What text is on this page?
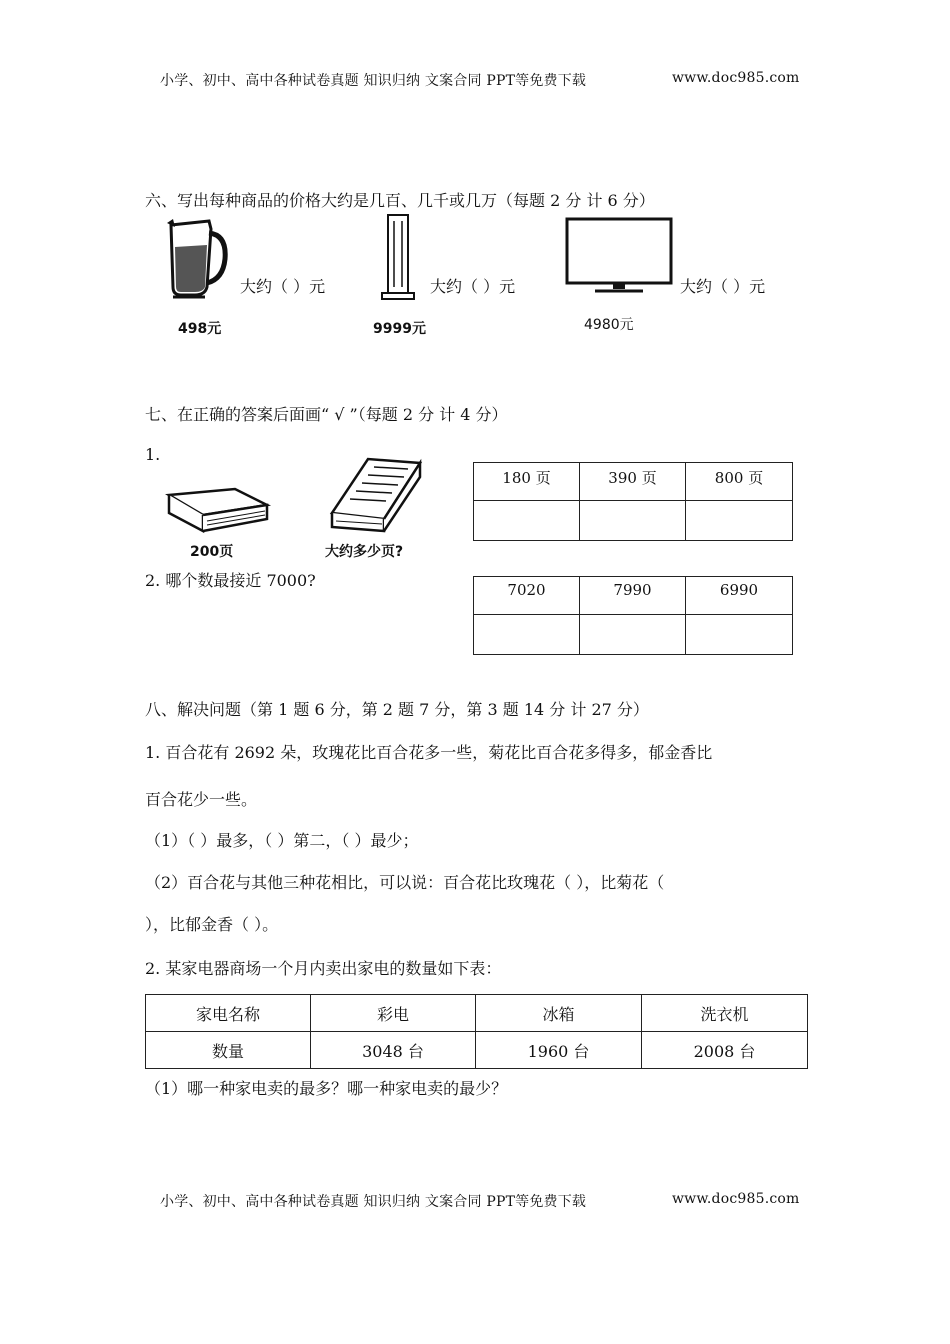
小学、初中、高中各种试卷真题 知识归纳 文案合同 PPT等免费下载	www.doc985.com
六、写出每种商品的价格大约是几百、几千或几万（每题 2 分 计 6 分）
498元
大约（ ）元
9999元
大约（ ）元
4980元
大约（ ）元
七、在正确的答案后面画“ √ ”（每题 2 分 计 4 分）
1.
200页	大约多少页?
180 页	390 页	800 页

2. 哪个数最接近 7000?	7020	7990	6990

八、解决问题（第 1 题 6 分，第 2 题 7 分，第 3 题 14 分 计 27 分）
1. 百合花有 2692 朵，玫瑰花比百合花多一些，菊花比百合花多得多，郁金香比
百合花少一些。
（1）（ ）最多，（ ）第二，（ ）最少；
（2）百合花与其他三种花相比，可以说：百合花比玫瑰花（ ），比菊花（
），比郁金香（ ）。
2. 某家电器商场一个月内卖出家电的数量如下表：
家电名称	彩电	冰箱	洗衣机
数量	3048 台	1960 台	2008 台
（1）哪一种家电卖的最多？哪一种家电卖的最少？
小学、初中、高中各种试卷真题 知识归纳 文案合同 PPT等免费下载	www.doc985.com
